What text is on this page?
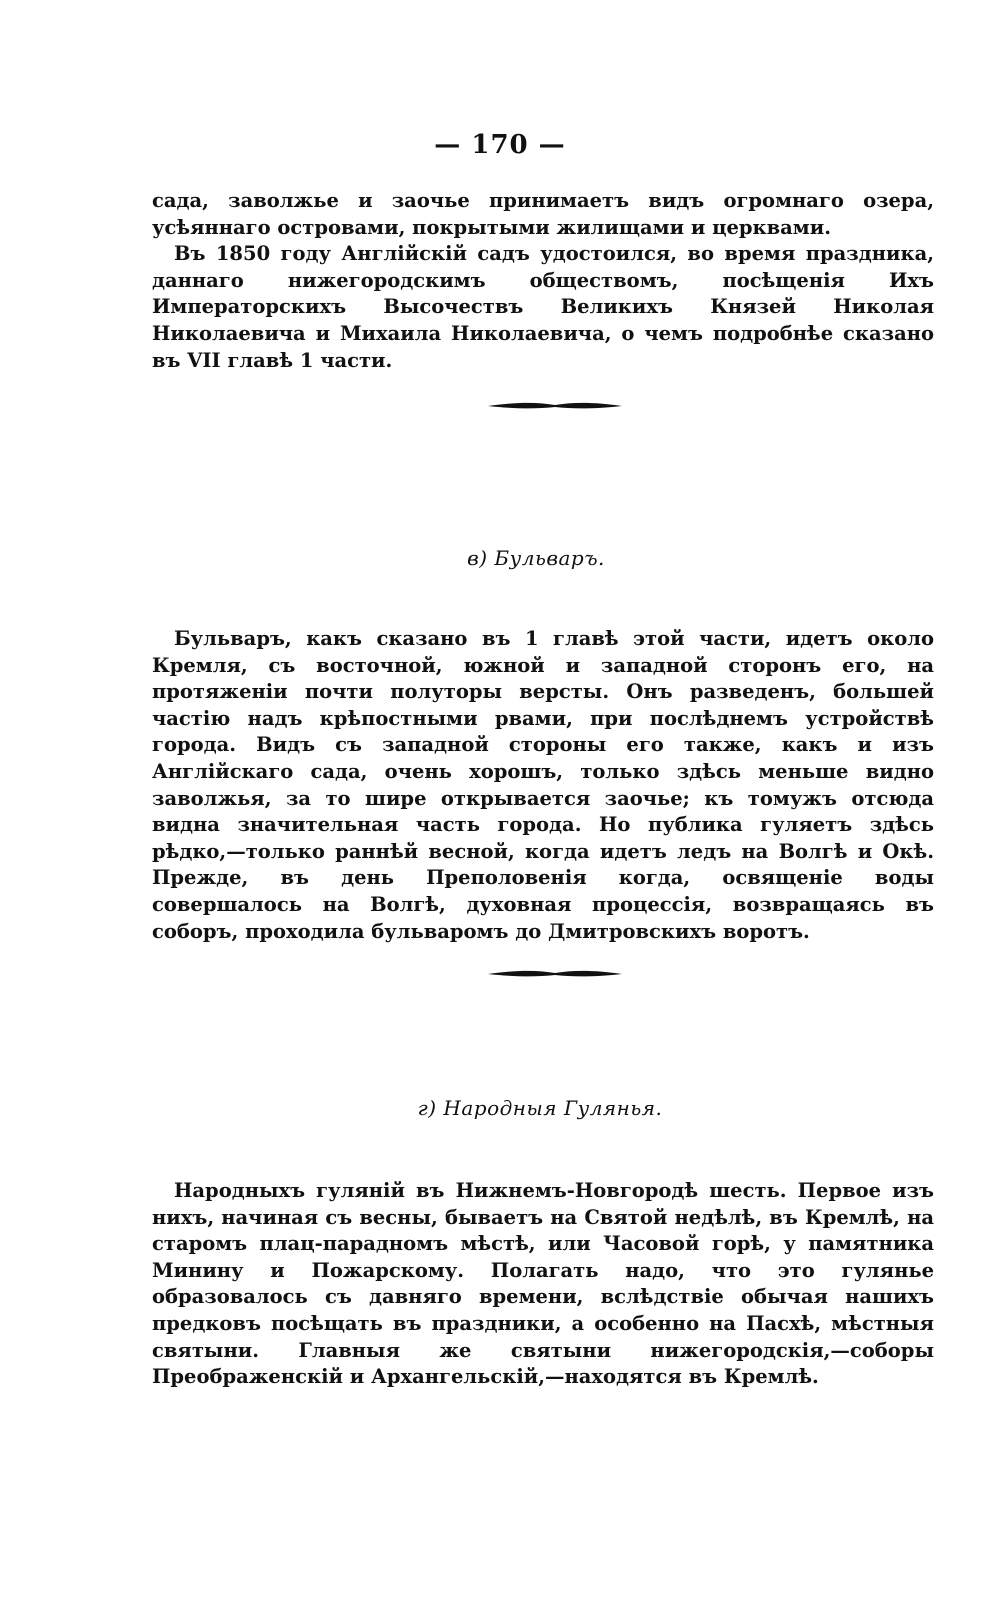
— 170 —

сада, заволжье и заочье принимаетъ видъ огромнаго озера, усѣяннаго островами, покрытыми жилищами и церквами.

Въ 1850 году Англійскій садъ удостоился, во время праздника, даннаго нижегородскимъ обществомъ, посѣщенія Ихъ Императорскихъ Высочествъ Великихъ Князей Николая Николаевича и Михаила Николаевича, о чемъ подробнѣе сказано въ VII главѣ 1 части.

в) Бульваръ.

Бульваръ, какъ сказано въ 1 главѣ этой части, идетъ около Кремля, съ восточной, южной и западной сторонъ его, на протяженіи почти полуторы версты. Онъ разведенъ, большей частію надъ крѣпостными рвами, при послѣднемъ устройствѣ города. Видъ съ западной стороны его также, какъ и изъ Англійскаго сада, очень хорошъ, только здѣсь меньше видно заволжья, за то шире открывается заочье; къ томужъ отсюда видна значительная часть города. Но публика гуляетъ здѣсь рѣдко,—только раннѣй весной, когда идетъ ледъ на Волгѣ и Окѣ. Прежде, въ день Преполовенія когда, освященіе воды совершалось на Волгѣ, духовная процессія, возвращаясь въ соборъ, проходила бульваромъ до Дмитровскихъ воротъ.

г) Народныя Гулянья.

Народныхъ гуляній въ Нижнемъ-Новгородѣ шесть. Первое изъ нихъ, начиная съ весны, бываетъ на Святой недѣлѣ, въ Кремлѣ, на старомъ плац-парадномъ мѣстѣ, или Часовой горѣ, у памятника Минину и Пожарскому. Полагать надо, что это гулянье образовалось съ давняго времени, вслѣдствіе обычая нашихъ предковъ посѣщать въ праздники, а особенно на Пасхѣ, мѣстныя святыни. Главныя же святыни нижегородскія,—соборы Преображенскій и Архангельскій,—находятся въ Кремлѣ.
